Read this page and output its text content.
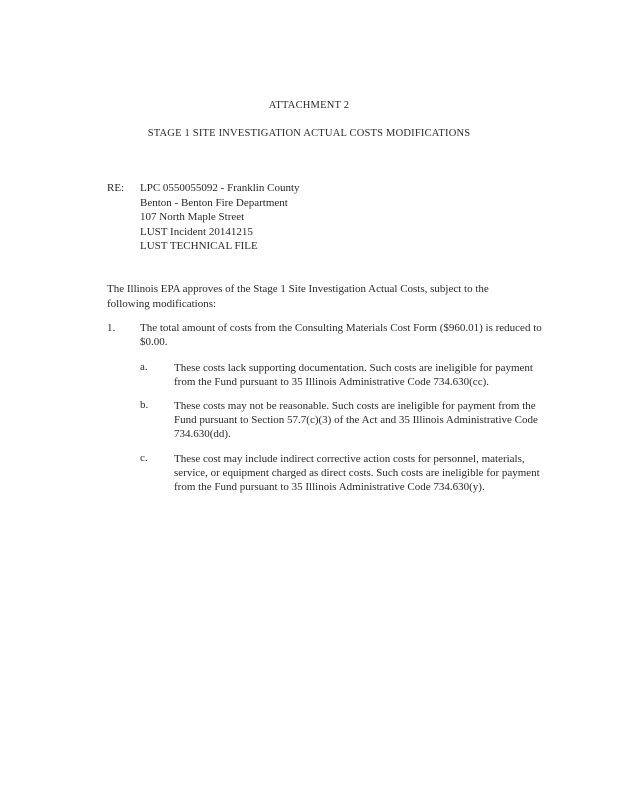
ATTACHMENT 2
STAGE 1 SITE INVESTIGATION ACTUAL COSTS MODIFICATIONS
RE: LPC 0550055092 - Franklin County
Benton - Benton Fire Department
107 North Maple Street
LUST Incident 20141215
LUST TECHNICAL FILE
The Illinois EPA approves of the Stage 1 Site Investigation Actual Costs, subject to the following modifications:
1. The total amount of costs from the Consulting Materials Cost Form ($960.01) is reduced to $0.00.
a. These costs lack supporting documentation. Such costs are ineligible for payment from the Fund pursuant to 35 Illinois Administrative Code 734.630(cc).
b. These costs may not be reasonable. Such costs are ineligible for payment from the Fund pursuant to Section 57.7(c)(3) of the Act and 35 Illinois Administrative Code 734.630(dd).
c. These cost may include indirect corrective action costs for personnel, materials, service, or equipment charged as direct costs. Such costs are ineligible for payment from the Fund pursuant to 35 Illinois Administrative Code 734.630(y).
